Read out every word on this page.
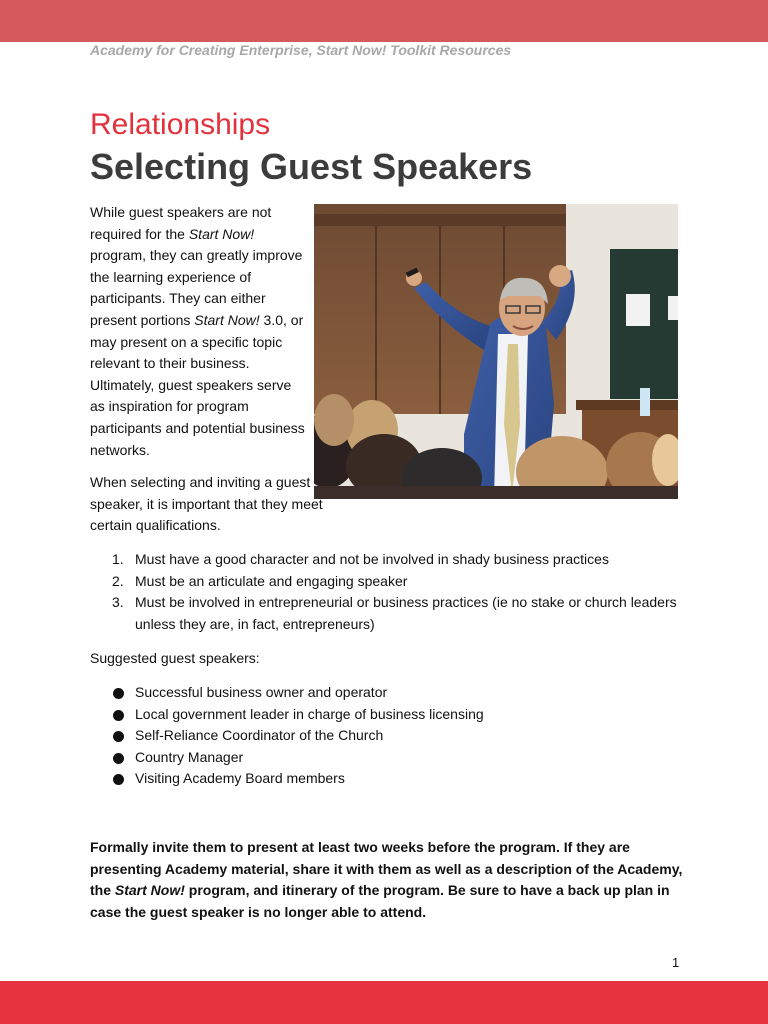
Academy for Creating Enterprise, Start Now! Toolkit Resources
Relationships
Selecting Guest Speakers

While guest speakers are not required for the Start Now! program, they can greatly improve the learning experience of participants. They can either present portions Start Now! 3.0, or may present on a specific topic relevant to their business. Ultimately, guest speakers serve as inspiration for program participants and potential business networks.

When selecting and inviting a guest speaker, it is important that they meet certain qualifications.

1. Must have a good character and not be involved in shady business practices
2. Must be an articulate and engaging speaker
3. Must be involved in entrepreneurial or business practices (ie no stake or church leaders unless they are, in fact, entrepreneurs)

Suggested guest speakers:

Successful business owner and operator
Local government leader in charge of business licensing
Self-Reliance Coordinator of the Church
Country Manager
Visiting Academy Board members

Formally invite them to present at least two weeks before the program. If they are presenting Academy material, share it with them as well as a description of the Academy, the Start Now! program, and itinerary of the program. Be sure to have a back up plan in case the guest speaker is no longer able to attend.

1
